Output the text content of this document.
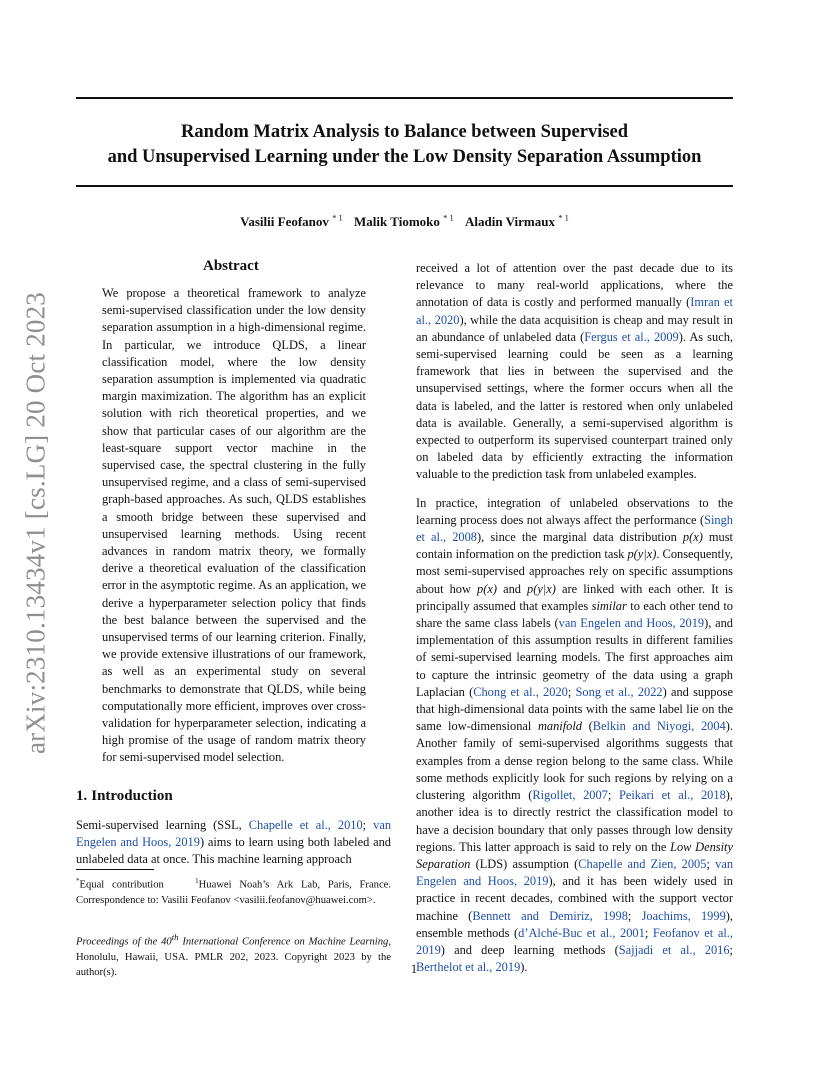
arXiv:2310.13434v1 [cs.LG] 20 Oct 2023
Random Matrix Analysis to Balance between Supervised
and Unsupervised Learning under the Low Density Separation Assumption
Vasilii Feofanov $^{* 1}$ Malik Tiomoko $^{* 1}$ Aladin Virmaux $^{* 1}$
Abstract
We propose a theoretical framework to analyze semi-supervised classification under the low density separation assumption in a high-dimensional regime. In particular, we introduce QLDS, a linear classification model, where the low density separation assumption is implemented via quadratic margin maximization. The algorithm has an explicit solution with rich theoretical properties, and we show that particular cases of our algorithm are the least-square support vector machine in the supervised case, the spectral clustering in the fully unsupervised regime, and a class of semi-supervised graph-based approaches. As such, QLDS establishes a smooth bridge between these supervised and unsupervised learning methods. Using recent advances in random matrix theory, we formally derive a theoretical evaluation of the classification error in the asymptotic regime. As an application, we derive a hyperparameter selection policy that finds the best balance between the supervised and the unsupervised terms of our learning criterion. Finally, we provide extensive illustrations of our framework, as well as an experimental study on several benchmarks to demonstrate that QLDS, while being computationally more efficient, improves over cross-validation for hyperparameter selection, indicating a high promise of the usage of random matrix theory for semi-supervised model selection.
1. Introduction
Semi-supervised learning (SSL, Chapelle et al., 2010; van Engelen and Hoos, 2019) aims to learn using both labeled and unlabeled data at once. This machine learning approach
*Equal contribution	$^1$Huawei Noah’s Ark Lab, Paris, France. Correspondence to: Vasilii Feofanov <vasilii.feofanov@huawei.com>.
Proceedings of the 40th International Conference on Machine Learning, Honolulu, Hawaii, USA. PMLR 202, 2023. Copyright 2023 by the author(s).

received a lot of attention over the past decade due to its relevance to many real-world applications, where the annotation of data is costly and performed manually (Imran et al., 2020), while the data acquisition is cheap and may result in an abundance of unlabeled data (Fergus et al., 2009). As such, semi-supervised learning could be seen as a learning framework that lies in between the supervised and the unsupervised settings, where the former occurs when all the data is labeled, and the latter is restored when only unlabeled data is available. Generally, a semi-supervised algorithm is expected to outperform its supervised counterpart trained only on labeled data by efficiently extracting the information valuable to the prediction task from unlabeled examples.

In practice, integration of unlabeled observations to the learning process does not always affect the performance (Singh et al., 2008), since the marginal data distribution p(x) must contain information on the prediction task p(y|x). Consequently, most semi-supervised approaches rely on specific assumptions about how p(x) and p(y|x) are linked with each other. It is principally assumed that examples similar to each other tend to share the same class labels (van Engelen and Hoos, 2019), and implementation of this assumption results in different families of semi-supervised learning models. The first approaches aim to capture the intrinsic geometry of the data using a graph Laplacian (Chong et al., 2020; Song et al., 2022) and suppose that high-dimensional data points with the same label lie on the same low-dimensional manifold (Belkin and Niyogi, 2004). Another family of semi-supervised algorithms suggests that examples from a dense region belong to the same class. While some methods explicitly look for such regions by relying on a clustering algorithm (Rigollet, 2007; Peikari et al., 2018), another idea is to directly restrict the classification model to have a decision boundary that only passes through low density regions. This latter approach is said to rely on the Low Density Separation (LDS) assumption (Chapelle and Zien, 2005; van Engelen and Hoos, 2019), and it has been widely used in practice in recent decades, combined with the support vector machine (Bennett and Demiriz, 1998; Joachims, 1999), ensemble methods (d’Alché-Buc et al., 2001; Feofanov et al., 2019) and deep learning methods (Sajjadi et al., 2016; Berthelot et al., 2019).

1
